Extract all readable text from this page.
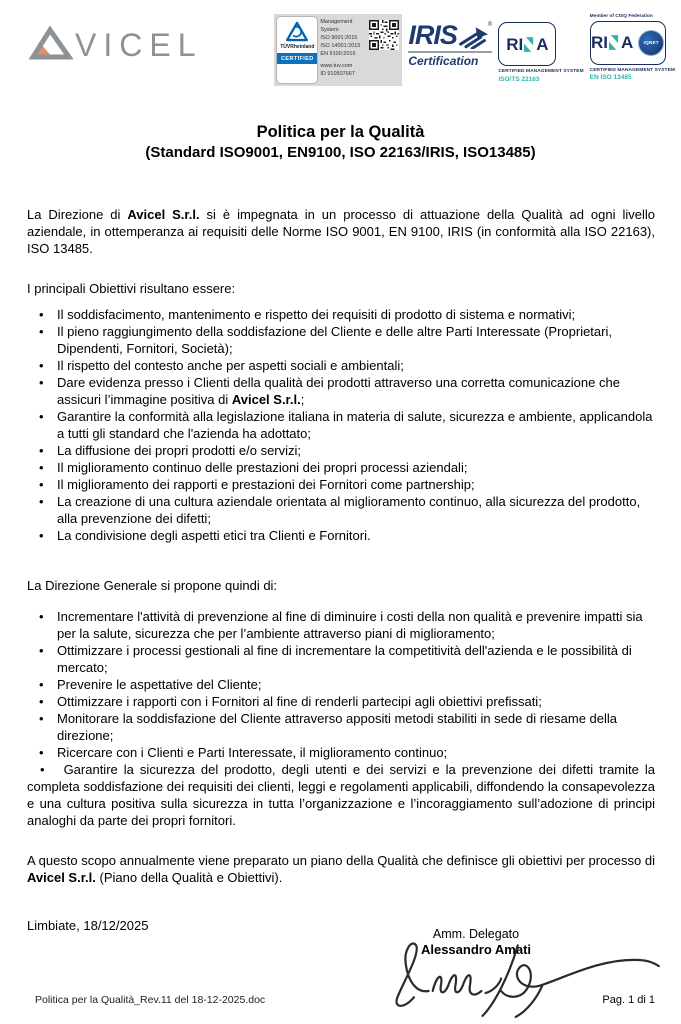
VICEL	TÜVRheinland
CERTIFIED
Management
System
ISO 9001:2015
ISO 14001:2015
EN 9100:2016
www.tuv.com
ID 910507667
IRIS	®
Certification
RI A
CERTIFIED MANAGEMENT SYSTEM
ISO/TS 22163
Member of CISQ Federation
RI A	IQNET
CERTIFIED MANAGEMENT SYSTEM
EN ISO 13485
Politica per la Qualità
(Standard ISO9001, EN9100, ISO 22163/IRIS, ISO13485)

La Direzione di Avicel S.r.l. si è impegnata in un processo di attuazione della Qualità ad ogni livello aziendale, in ottemperanza ai requisiti delle Norme ISO 9001, EN 9100, IRIS (in conformità alla ISO 22163), ISO 13485.

I principali Obiettivi risultano essere:

• Il soddisfacimento, mantenimento e rispetto dei requisiti di prodotto di sistema e normativi;
• Il pieno raggiungimento della soddisfazione del Cliente e delle altre Parti Interessate (Proprietari, Dipendenti, Fornitori, Società);
• Il rispetto del contesto anche per aspetti sociali e ambientali;
• Dare evidenza presso i Clienti della qualità dei prodotti attraverso una corretta comunicazione che assicuri l’immagine positiva di Avicel S.r.l.;
• Garantire la conformità alla legislazione italiana in materia di salute, sicurezza e ambiente, applicandola a tutti gli standard che l'azienda ha adottato;
• La diffusione dei propri prodotti e/o servizi;
• Il miglioramento continuo delle prestazioni dei propri processi aziendali;
• Il miglioramento dei rapporti e prestazioni dei Fornitori come partnership;
• La creazione di una cultura aziendale orientata al miglioramento continuo, alla sicurezza del prodotto, alla prevenzione dei difetti;
• La condivisione degli aspetti etici tra Clienti e Fornitori.

La Direzione Generale si propone quindi di:

• Incrementare l'attività di prevenzione al fine di diminuire i costi della non qualità e prevenire impatti sia per la salute, sicurezza che per l’ambiente attraverso piani di miglioramento;
• Ottimizzare i processi gestionali al fine di incrementare la competitività dell'azienda e le possibilità di mercato;
• Prevenire le aspettative del Cliente;
• Ottimizzare i rapporti con i Fornitori al fine di renderli partecipi agli obiettivi prefissati;
• Monitorare la soddisfazione del Cliente attraverso appositi metodi stabiliti in sede di riesame della direzione;
• Ricercare con i Clienti e Parti Interessate, il miglioramento continuo;
• Garantire la sicurezza del prodotto, degli utenti e dei servizi e la prevenzione dei difetti tramite la completa soddisfazione dei requisiti dei clienti, leggi e regolamenti applicabili, diffondendo la consapevolezza e una cultura positiva sulla sicurezza in tutta l’organizzazione e l’incoraggiamento sull’adozione di principi analoghi da parte dei propri fornitori.

A questo scopo annualmente viene preparato un piano della Qualità che definisce gli obiettivi per processo di Avicel S.r.l. (Piano della Qualità e Obiettivi).

Limbiate, 18/12/2025

Amm. Delegato
Alessandro Amati
Politica per la Qualità_Rev.11 del 18-12-2025.doc	Pag. 1 di 1
